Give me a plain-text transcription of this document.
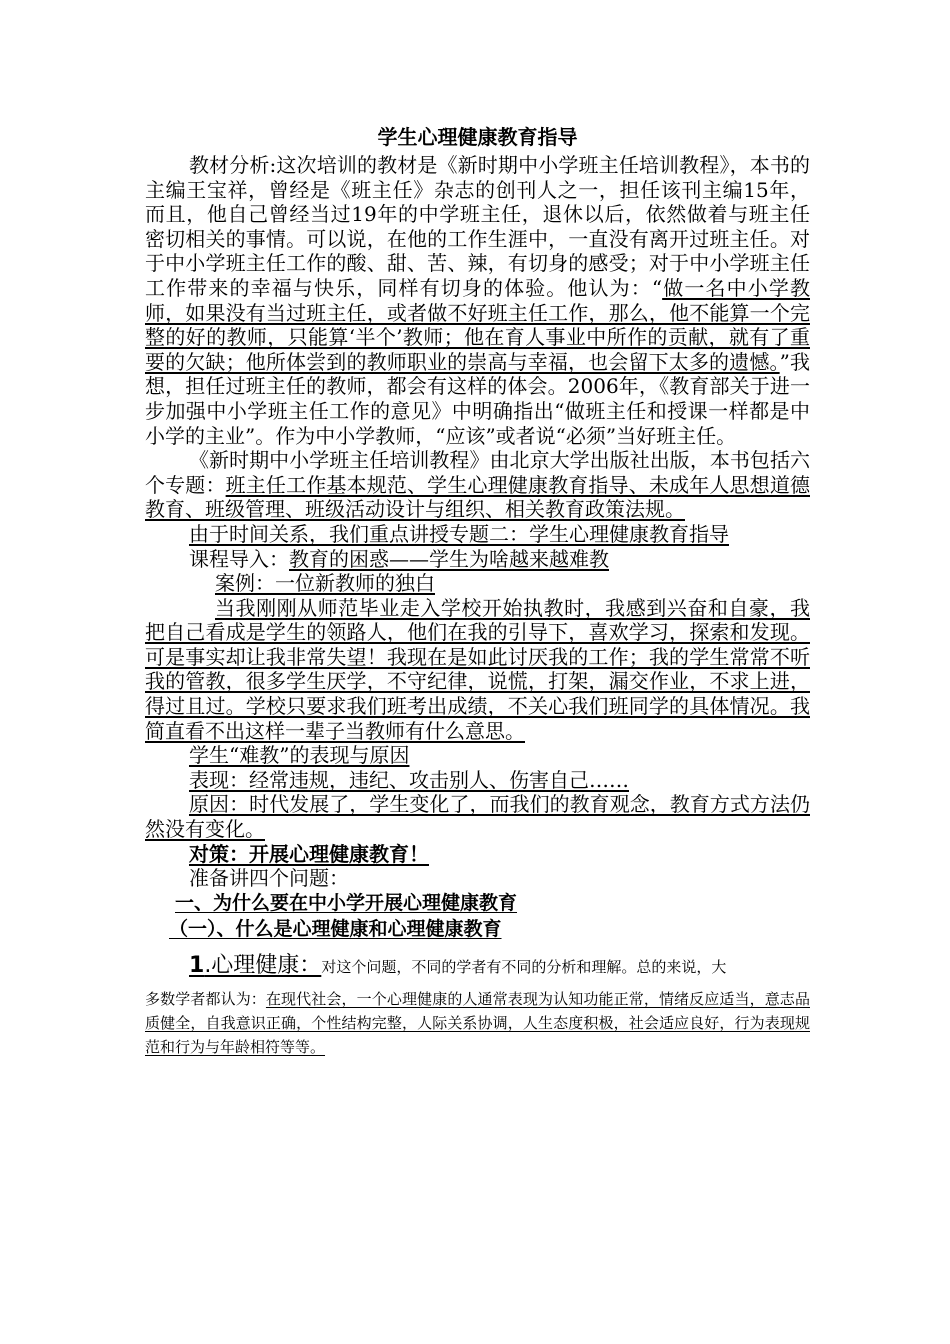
学生心理健康教育指导

教材分析:这次培训的教材是《新时期中小学班主任培训教程》，本书的主编王宝祥，曾经是《班主任》杂志的创刊人之一，担任该刊主编15年，而且，他自己曾经当过19年的中学班主任，退休以后，依然做着与班主任密切相关的事情。可以说，在他的工作生涯中，一直没有离开过班主任。对于中小学班主任工作的酸、甜、苦、辣，有切身的感受；对于中小学班主任工作带来的幸福与快乐，同样有切身的体验。他认为：“做一名中小学教师，如果没有当过班主任，或者做不好班主任工作，那么，他不能算一个完整的好的教师，只能算‘半个’教师；他在育人事业中所作的贡献，就有了重要的欠缺；他所体尝到的教师职业的崇高与幸福，也会留下太多的遗憾。”我想，担任过班主任的教师，都会有这样的体会。2006年，《教育部关于进一步加强中小学班主任工作的意见》中明确指出“做班主任和授课一样都是中小学的主业”。作为中小学教师，“应该”或者说“必须”当好班主任。

《新时期中小学班主任培训教程》由北京大学出版社出版，本书包括六个专题：班主任工作基本规范、学生心理健康教育指导、未成年人思想道德教育、班级管理、班级活动设计与组织、相关教育政策法规。

由于时间关系，我们重点讲授专题二：学生心理健康教育指导

课程导入：教育的困惑——学生为啥越来越难教

案例：一位新教师的独白

当我刚刚从师范毕业走入学校开始执教时，我感到兴奋和自豪，我把自己看成是学生的领路人，他们在我的引导下，喜欢学习，探索和发现。可是事实却让我非常失望！我现在是如此讨厌我的工作；我的学生常常不听我的管教，很多学生厌学，不守纪律，说慌，打架，漏交作业，不求上进，得过且过。学校只要求我们班考出成绩，不关心我们班同学的具体情况。我简直看不出这样一辈子当教师有什么意思。

学生“难教”的表现与原因

表现：经常违规，违纪、攻击别人、伤害自己……

原因：时代发展了，学生变化了，而我们的教育观念，教育方式方法仍然没有变化。

对策：开展心理健康教育！

准备讲四个问题：

一、为什么要在中小学开展心理健康教育
（一）、什么是心理健康和心理健康教育

1.心理健康：对这个问题，不同的学者有不同的分析和理解。总的来说，大

多数学者都认为：在现代社会，一个心理健康的人通常表现为认知功能正常，情绪反应适当，意志品质健全，自我意识正确，个性结构完整，人际关系协调，人生态度积极，社会适应良好，行为表现规范和行为与年龄相符等等。
